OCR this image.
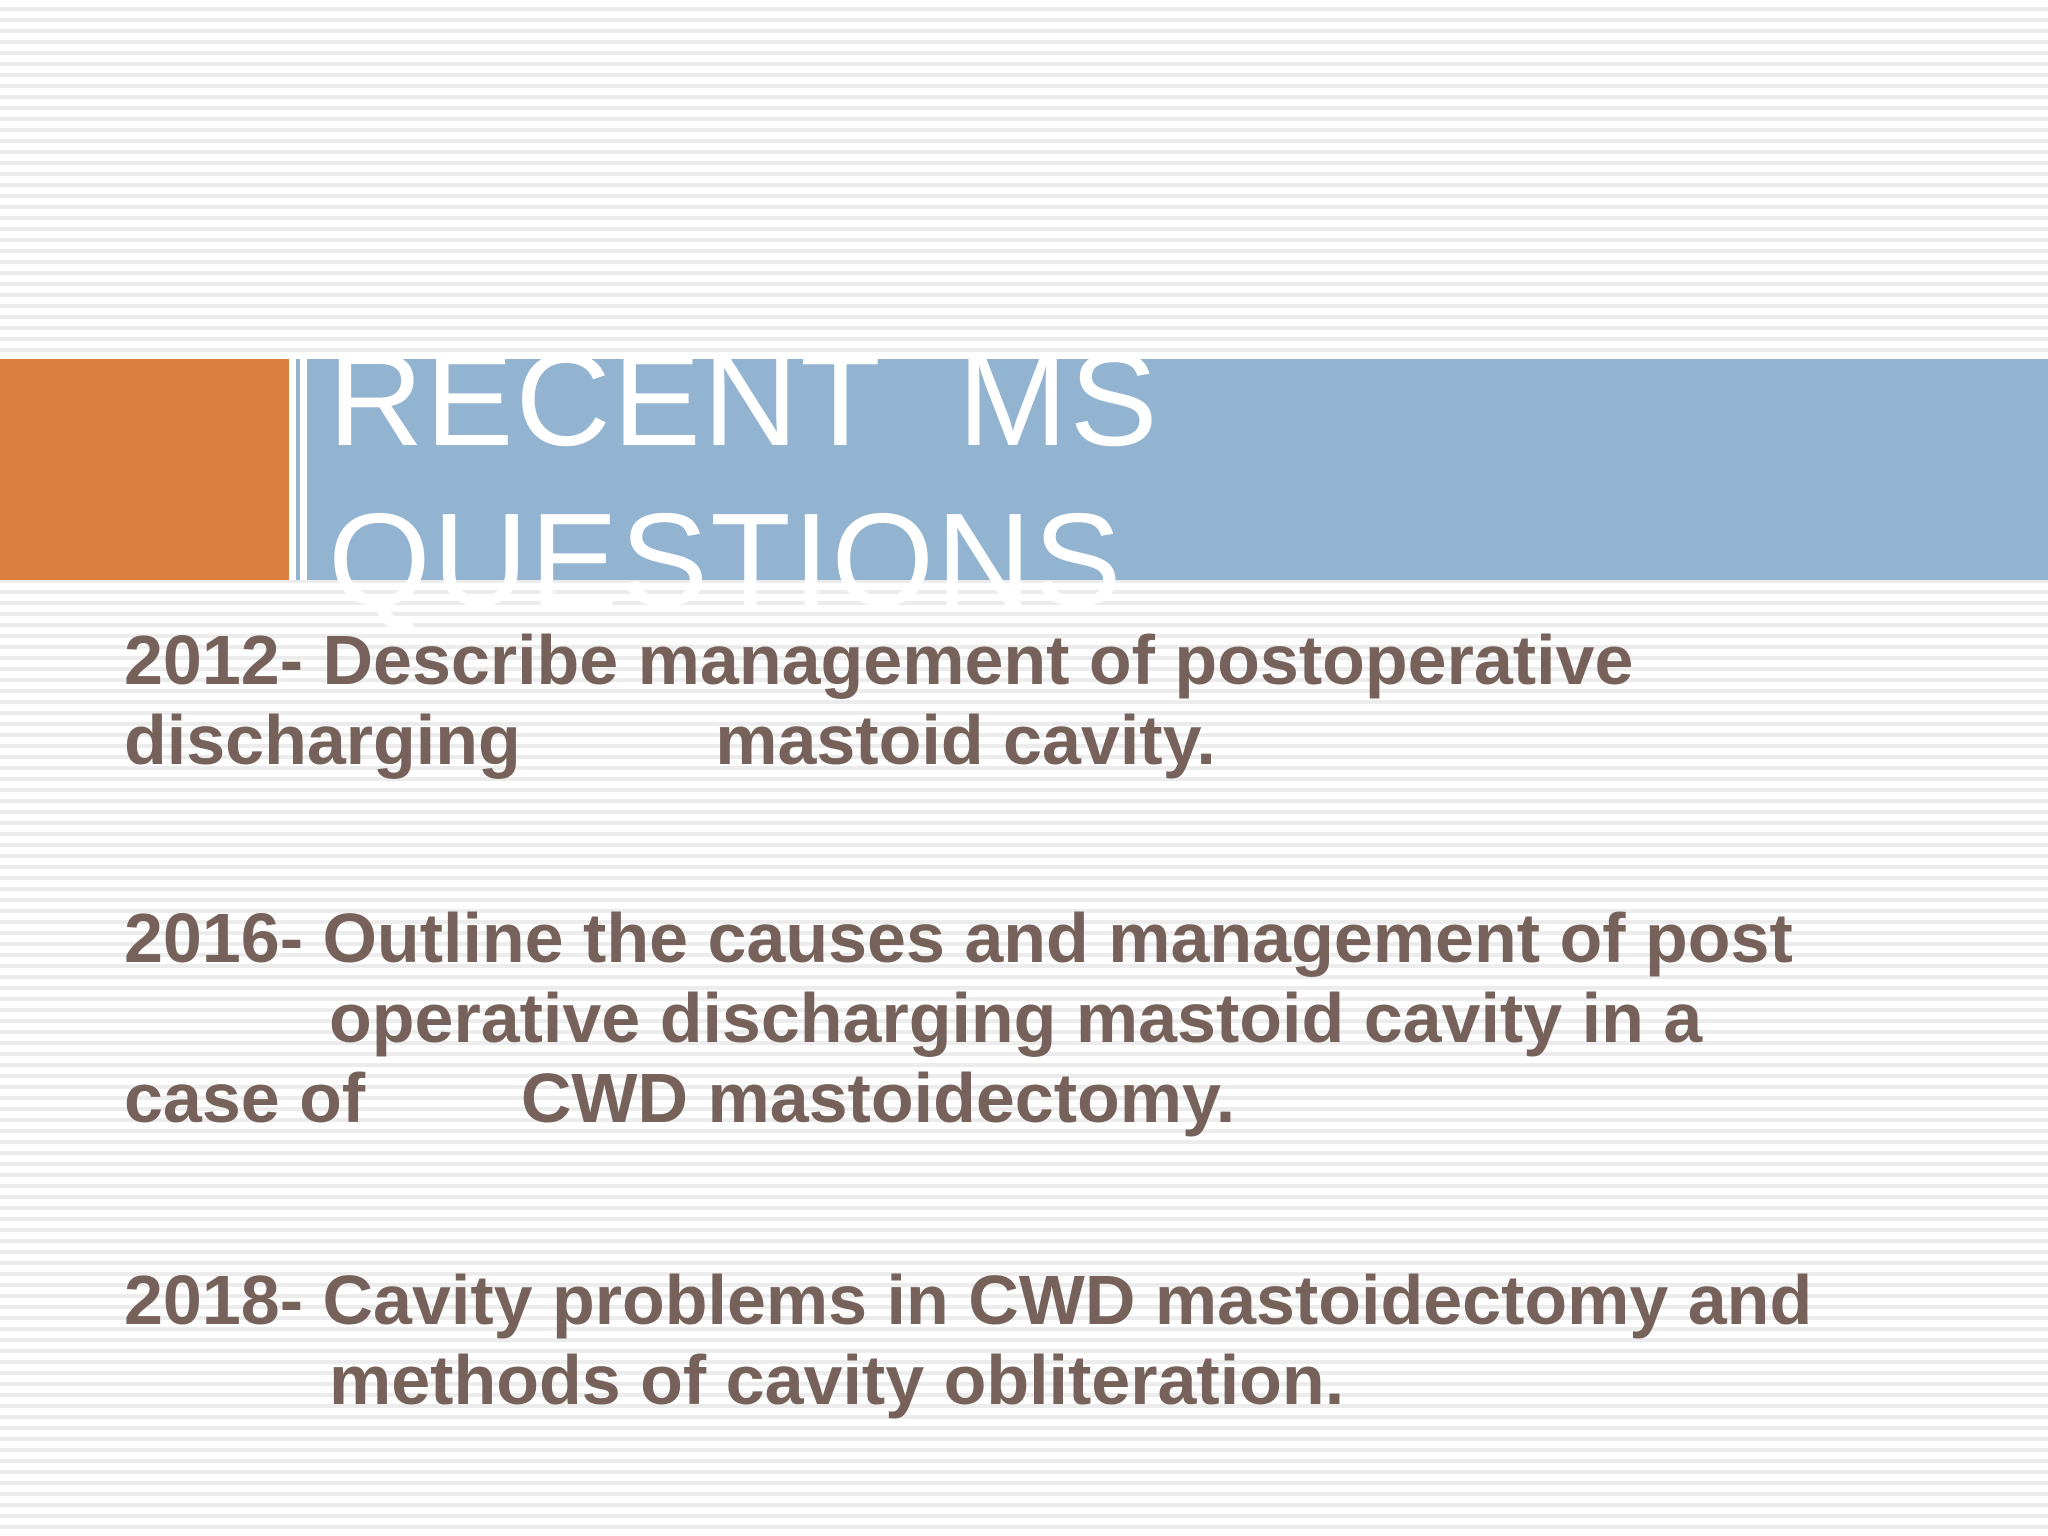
RECENT  MS
QUESTIONS
2012- Describe management of postoperative
discharging          mastoid cavity.
2016- Outline the causes and management of post
operative discharging mastoid cavity in a
case of        CWD mastoidectomy.
2018- Cavity problems in CWD mastoidectomy and
methods of cavity obliteration.
